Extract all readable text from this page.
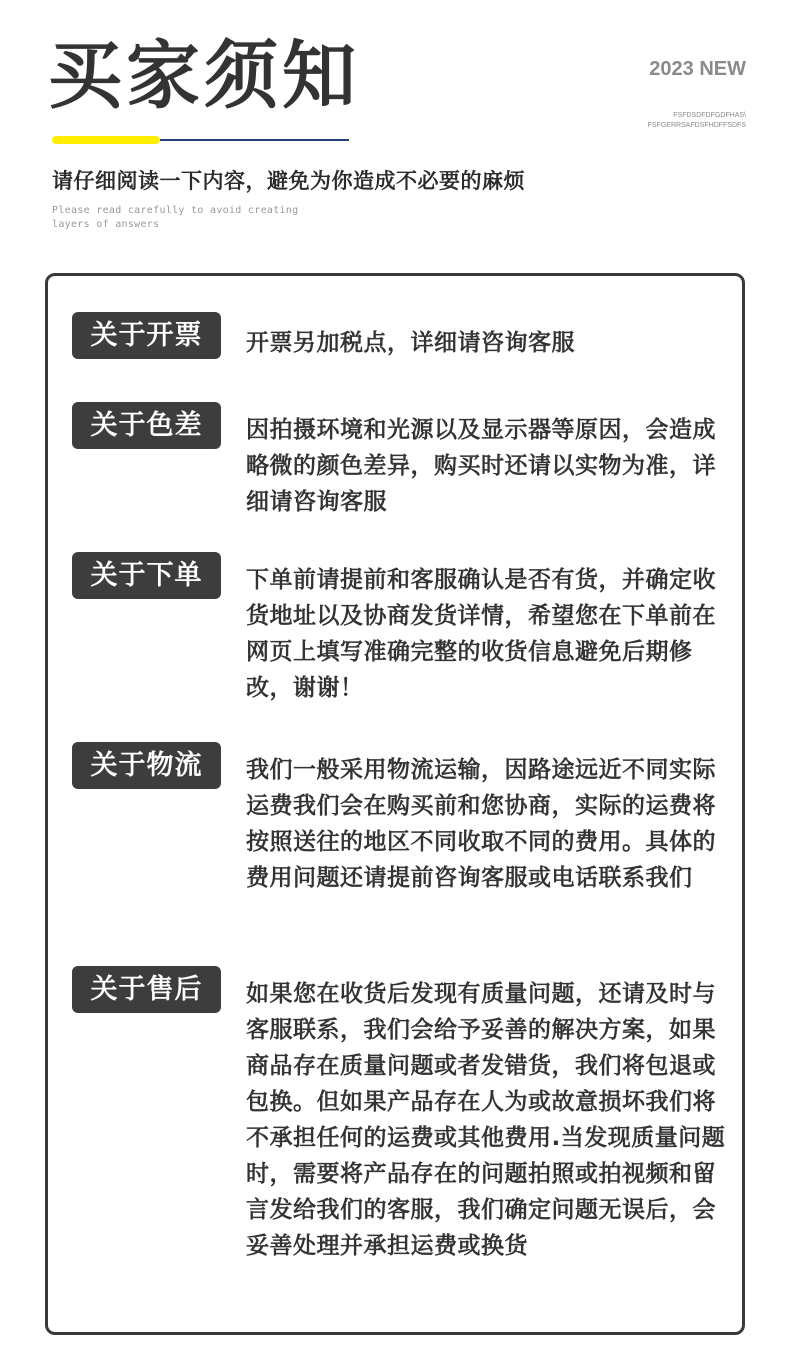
买家须知	2023 NEW
FSFDSDFDFGDFHAS\
FSFGERRSAFDSFHDFFSDFS
请仔细阅读一下内容，避免为你造成不必要的麻烦
Please read carefully to avoid creating layers of answers
关于开票	开票另加税点，详细请咨询客服

关于色差	因拍摄环境和光源以及显示器等原因，会造成略微的颜色差异，购买时还请以实物为准，详细请咨询客服

关于下单	下单前请提前和客服确认是否有货，并确定收货地址以及协商发货详情，希望您在下单前在网页上填写准确完整的收货信息避免后期修改，谢谢！

关于物流	我们一般采用物流运输，因路途远近不同实际运费我们会在购买前和您协商，实际的运费将按照送往的地区不同收取不同的费用。具体的费用问题还请提前咨询客服或电话联系我们

关于售后	如果您在收货后发现有质量问题，还请及时与客服联系，我们会给予妥善的解决方案，如果商品存在质量问题或者发错货，我们将包退或包换。但如果产品存在人为或故意损坏我们将不承担任何的运费或其他费用.当发现质量问题时，需要将产品存在的问题拍照或拍视频和留言发给我们的客服，我们确定问题无误后，会妥善处理并承担运费或换货
